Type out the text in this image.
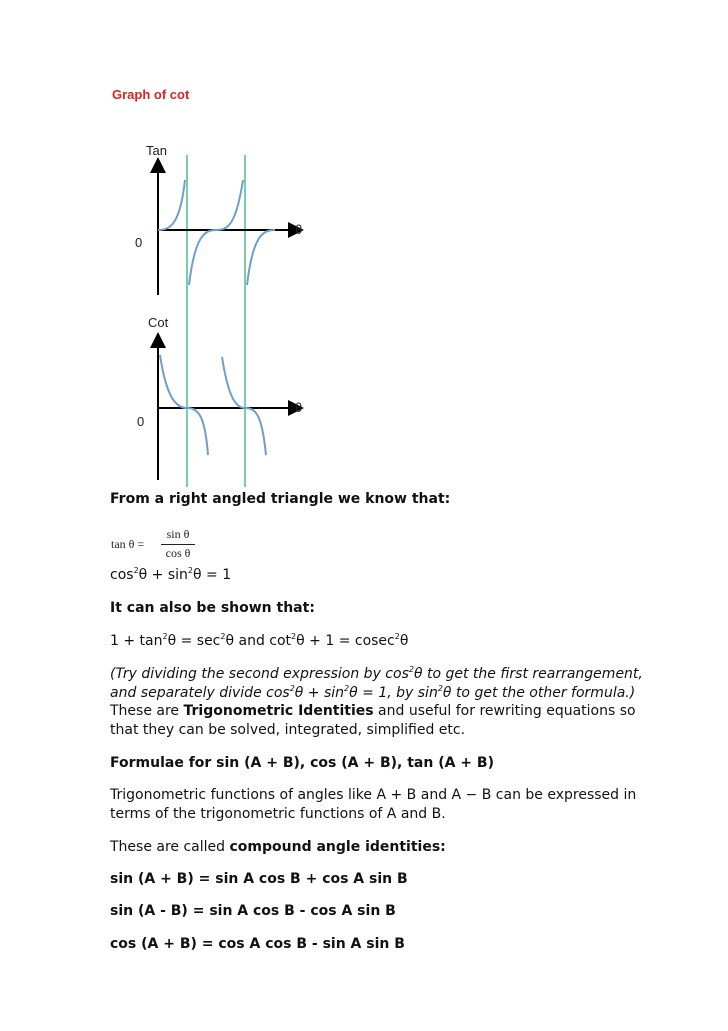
Graph of cot
Tan
0
θ
Cot
0
θ
From a right angled triangle we know that:
tan θ =
sin θ
cos θ
$\cos^2\theta + \sin^2\theta = 1$
It can also be shown that:
$1 + \tan^2\theta = \sec^2\theta$ and $\cot^2\theta + 1 = cosec^2\theta$
(Try dividing the second expression by $\cos^2\theta$ to get the first rearrangement,
and separately divide $\cos^2\theta + \sin^2\theta = 1$, by $\sin^2\theta$ to get the other formula.)
These are Trigonometric Identities and useful for rewriting equations so
that they can be solved, integrated, simplified etc.
Formulae for sin (A + B), cos (A + B), tan (A + B)
Trigonometric functions of angles like A + B and A − B can be expressed in
terms of the trigonometric functions of A and B.
These are called compound angle identities:
sin (A + B) = sin A cos B + cos A sin B
sin (A - B) = sin A cos B - cos A sin B
cos (A + B) = cos A cos B - sin A sin B
